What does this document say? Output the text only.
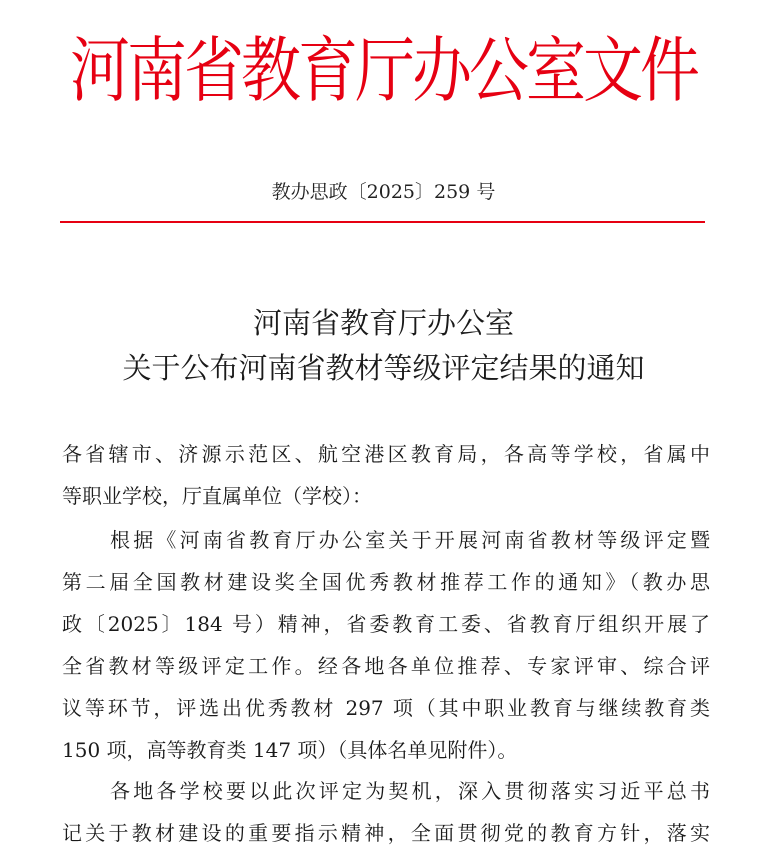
河南省教育厅办公室文件
教办思政〔2025〕259 号
河南省教育厅办公室
关于公布河南省教材等级评定结果的通知
各省辖市、济源示范区、航空港区教育局，各高等学校，省属中
等职业学校，厅直属单位（学校）：
根据《河南省教育厅办公室关于开展河南省教材等级评定暨
第二届全国教材建设奖全国优秀教材推荐工作的通知》（教办思
政〔2025〕184 号）精神，省委教育工委、省教育厅组织开展了
全省教材等级评定工作。经各地各单位推荐、专家评审、综合评
议等环节，评选出优秀教材 297 项（其中职业教育与继续教育类
150 项，高等教育类 147 项）（具体名单见附件）。
各地各学校要以此次评定为契机，深入贯彻落实习近平总书
记关于教材建设的重要指示精神，全面贯彻党的教育方针，落实
